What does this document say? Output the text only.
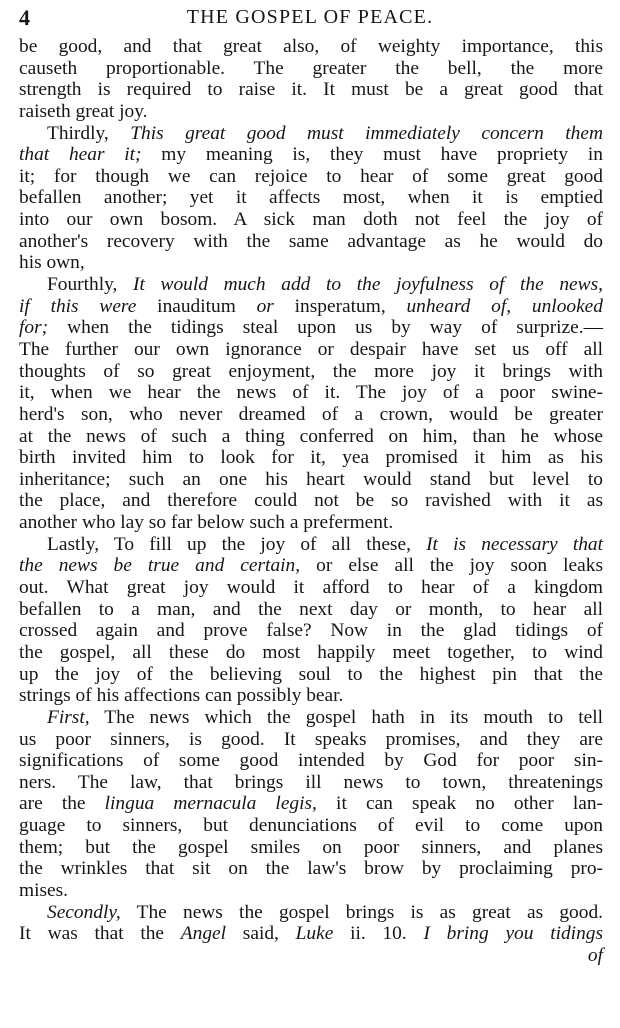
4	THE GOSPEL OF PEACE.
be good, and that great also, of weighty importance, this
causeth proportionable. The greater the bell, the more
strength is required to raise it. It must be a great good that
raiseth great joy.
Thirdly, This great good must immediately concern them
that hear it; my meaning is, they must have propriety in
it; for though we can rejoice to hear of some great good
befallen another; yet it affects most, when it is emptied
into our own bosom. A sick man doth not feel the joy of
another's recovery with the same advantage as he would do
his own,
Fourthly, It would much add to the joyfulness of the news,
if this were inauditum or insperatum, unheard of, unlooked
for; when the tidings steal upon us by way of surprize.—
The further our own ignorance or despair have set us off all
thoughts of so great enjoyment, the more joy it brings with
it, when we hear the news of it. The joy of a poor swine-
herd's son, who never dreamed of a crown, would be greater
at the news of such a thing conferred on him, than he whose
birth invited him to look for it, yea promised it him as his
inheritance; such an one his heart would stand but level to
the place, and therefore could not be so ravished with it as
another who lay so far below such a preferment.
Lastly, To fill up the joy of all these, It is necessary that
the news be true and certain, or else all the joy soon leaks
out. What great joy would it afford to hear of a kingdom
befallen to a man, and the next day or month, to hear all
crossed again and prove false? Now in the glad tidings of
the gospel, all these do most happily meet together, to wind
up the joy of the believing soul to the highest pin that the
strings of his affections can possibly bear.
First, The news which the gospel hath in its mouth to tell
us poor sinners, is good. It speaks promises, and they are
significations of some good intended by God for poor sin-
ners. The law, that brings ill news to town, threatenings
are the lingua mernacula legis, it can speak no other lan-
guage to sinners, but denunciations of evil to come upon
them; but the gospel smiles on poor sinners, and planes
the wrinkles that sit on the law's brow by proclaiming pro-
mises.
Secondly, The news the gospel brings is as great as good.
It was that the Angel said, Luke ii. 10. I bring you tidings
of
